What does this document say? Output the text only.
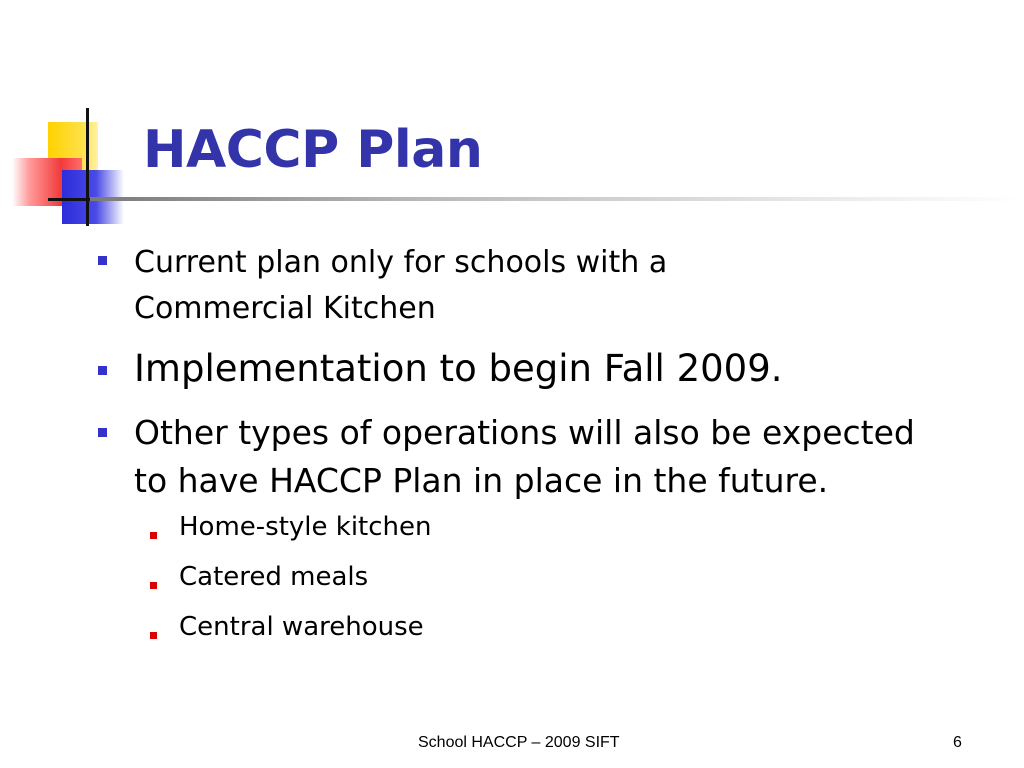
HACCP Plan
Current plan only for schools with a
Commercial Kitchen
Implementation to begin Fall 2009.
Other types of operations will also be expected
to have HACCP Plan in place in the future.
Home-style kitchen
Catered meals
Central warehouse
School HACCP – 2009 SIFT	6
